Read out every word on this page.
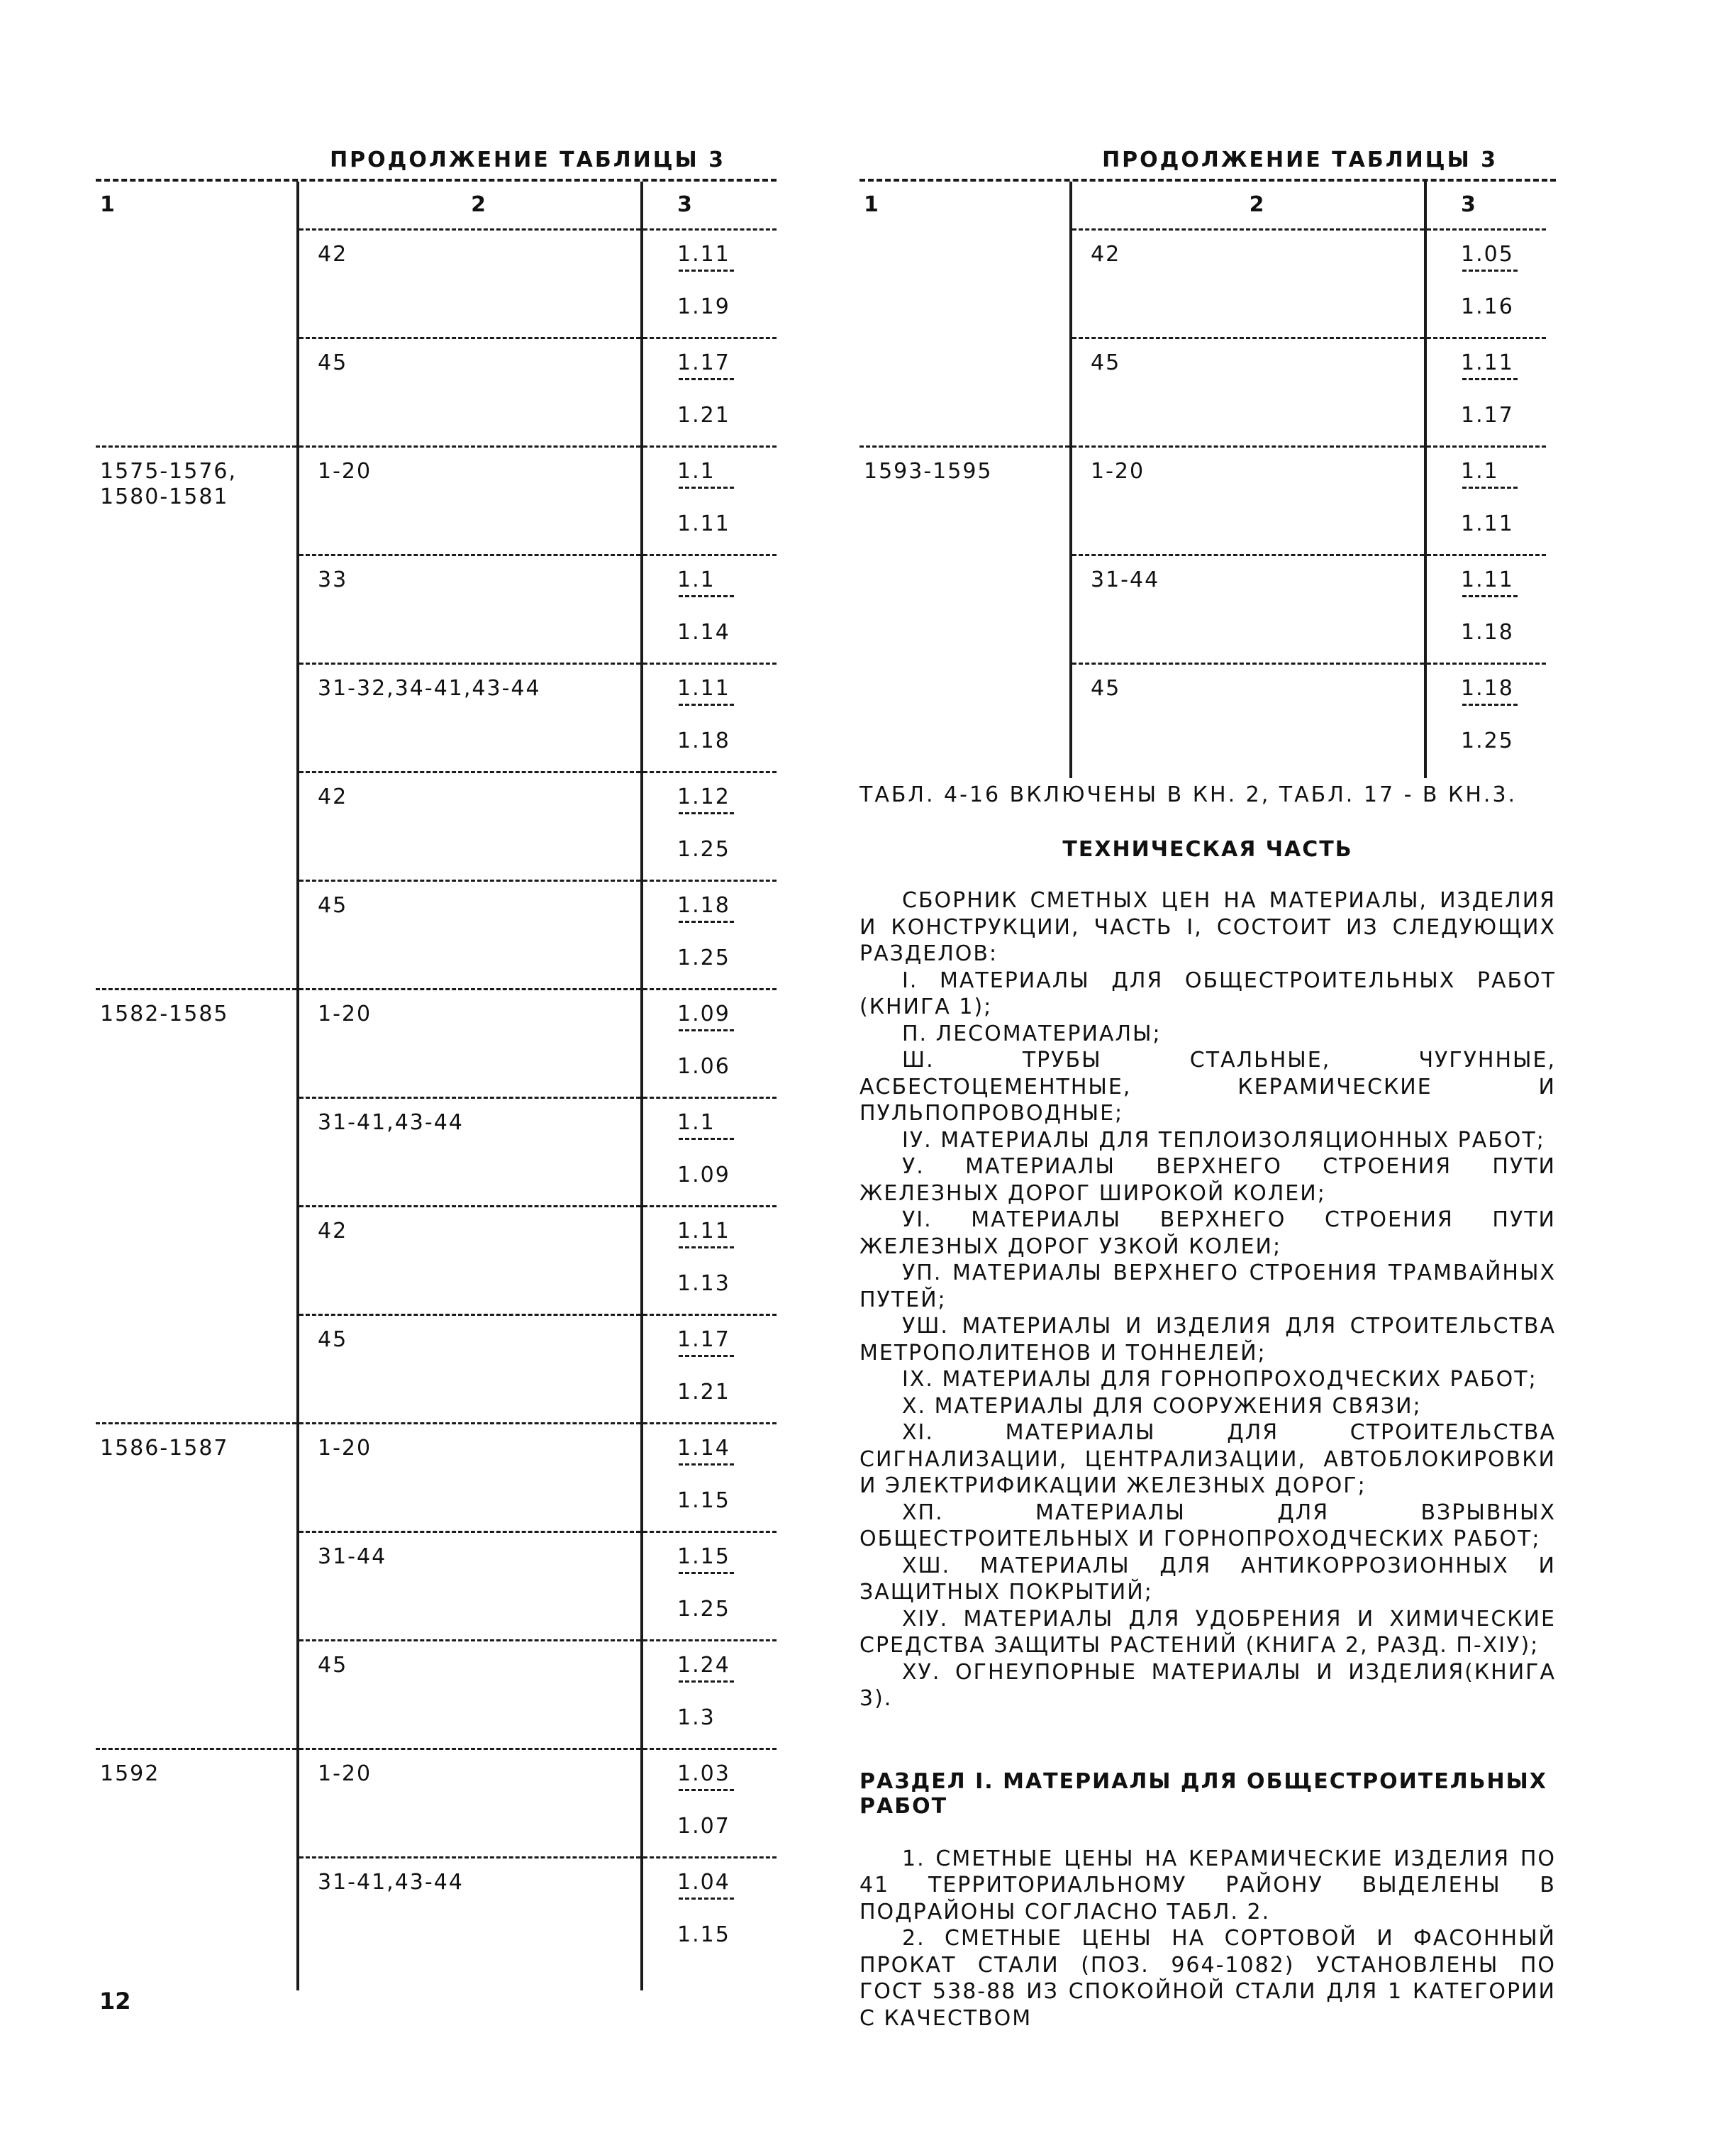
ПРОДОЛЖЕНИЕ ТАБЛИЦЫ 3
1	2	3

	42	$\frac{1.11}{1.19}$

	45	$\frac{1.17}{1.21}$

1575-1576,
1580-1581	1-20	$\frac{1.1}{1.11}$

	33	$\frac{1.1}{1.14}$

	31-32,34-41,43-44	$\frac{1.11}{1.18}$

	42	$\frac{1.12}{1.25}$

	45	$\frac{1.18}{1.25}$

1582-1585	1-20	$\frac{1.09}{1.06}$

	31-41,43-44	$\frac{1.1}{1.09}$

	42	$\frac{1.11}{1.13}$

	45	$\frac{1.17}{1.21}$

1586-1587	1-20	$\frac{1.14}{1.15}$

	31-44	$\frac{1.15}{1.25}$

	45	$\frac{1.24}{1.3}$

1592	1-20	$\frac{1.03}{1.07}$

	31-41,43-44	$\frac{1.04}{1.15}$

ПРОДОЛЖЕНИЕ ТАБЛИЦЫ 3
1	2	3

	42	$\frac{1.05}{1.16}$

	45	$\frac{1.11}{1.17}$

1593-1595	1-20	$\frac{1.1}{1.11}$

	31-44	$\frac{1.11}{1.18}$

	45	$\frac{1.18}{1.25}$

ТАБЛ. 4-16 ВКЛЮЧЕНЫ В КН. 2, ТАБЛ. 17 - В КН.3.
ТЕХНИЧЕСКАЯ ЧАСТЬ

СБОРНИК СМЕТНЫХ ЦЕН НА МАТЕРИАЛЫ, ИЗДЕЛИЯ И КОНСТРУКЦИИ, ЧАСТЬ I, СОСТОИТ ИЗ СЛЕДУЮЩИХ РАЗДЕЛОВ:

I. МАТЕРИАЛЫ ДЛЯ ОБЩЕСТРОИТЕЛЬНЫХ РАБОТ (КНИГА 1);

П. ЛЕСОМАТЕРИАЛЫ;

Ш. ТРУБЫ СТАЛЬНЫЕ, ЧУГУННЫЕ, АСБЕСТОЦЕМЕНТНЫЕ, КЕРАМИЧЕСКИЕ И ПУЛЬПОПРОВОДНЫЕ;

IУ. МАТЕРИАЛЫ ДЛЯ ТЕПЛОИЗОЛЯЦИОННЫХ РАБОТ;

У. МАТЕРИАЛЫ ВЕРХНЕГО СТРОЕНИЯ ПУТИ ЖЕЛЕЗНЫХ ДОРОГ ШИРОКОЙ КОЛЕИ;

УI. МАТЕРИАЛЫ ВЕРХНЕГО СТРОЕНИЯ ПУТИ ЖЕЛЕЗНЫХ ДОРОГ УЗКОЙ КОЛЕИ;

УП. МАТЕРИАЛЫ ВЕРХНЕГО СТРОЕНИЯ ТРАМВАЙНЫХ ПУТЕЙ;

УШ. МАТЕРИАЛЫ И ИЗДЕЛИЯ ДЛЯ СТРОИТЕЛЬСТВА МЕТРОПОЛИТЕНОВ И ТОННЕЛЕЙ;

IX. МАТЕРИАЛЫ ДЛЯ ГОРНОПРОХОДЧЕСКИХ РАБОТ;

X. МАТЕРИАЛЫ ДЛЯ СООРУЖЕНИЯ СВЯЗИ;

XI. МАТЕРИАЛЫ ДЛЯ СТРОИТЕЛЬСТВА СИГНАЛИЗАЦИИ, ЦЕНТРАЛИЗАЦИИ, АВТОБЛОКИРОВКИ И ЭЛЕКТРИФИКАЦИИ ЖЕЛЕЗНЫХ ДОРОГ;

XП. МАТЕРИАЛЫ ДЛЯ ВЗРЫВНЫХ ОБЩЕСТРОИТЕЛЬНЫХ И ГОРНОПРОХОДЧЕСКИХ РАБОТ;

XШ. МАТЕРИАЛЫ ДЛЯ АНТИКОРРОЗИОННЫХ И ЗАЩИТНЫХ ПОКРЫТИЙ;

XIУ. МАТЕРИАЛЫ ДЛЯ УДОБРЕНИЯ И ХИМИЧЕСКИЕ СРЕДСТВА ЗАЩИТЫ РАСТЕНИЙ (КНИГА 2, РАЗД. П-XIУ);

XУ. ОГНЕУПОРНЫЕ МАТЕРИАЛЫ И ИЗДЕЛИЯ(КНИГА 3).

РАЗДЕЛ I. МАТЕРИАЛЫ ДЛЯ ОБЩЕСТРОИТЕЛЬНЫХ РАБОТ

1. СМЕТНЫЕ ЦЕНЫ НА КЕРАМИЧЕСКИЕ ИЗДЕЛИЯ ПО 41 ТЕРРИТОРИАЛЬНОМУ РАЙОНУ ВЫДЕЛЕНЫ В ПОДРАЙОНЫ СОГЛАСНО ТАБЛ. 2.

2. СМЕТНЫЕ ЦЕНЫ НА СОРТОВОЙ И ФАСОННЫЙ ПРОКАТ СТАЛИ (ПОЗ. 964-1082) УСТАНОВЛЕНЫ ПО ГОСТ 538-88 ИЗ СПОКОЙНОЙ СТАЛИ ДЛЯ 1 КАТЕГОРИИ С КАЧЕСТВОМ

12
